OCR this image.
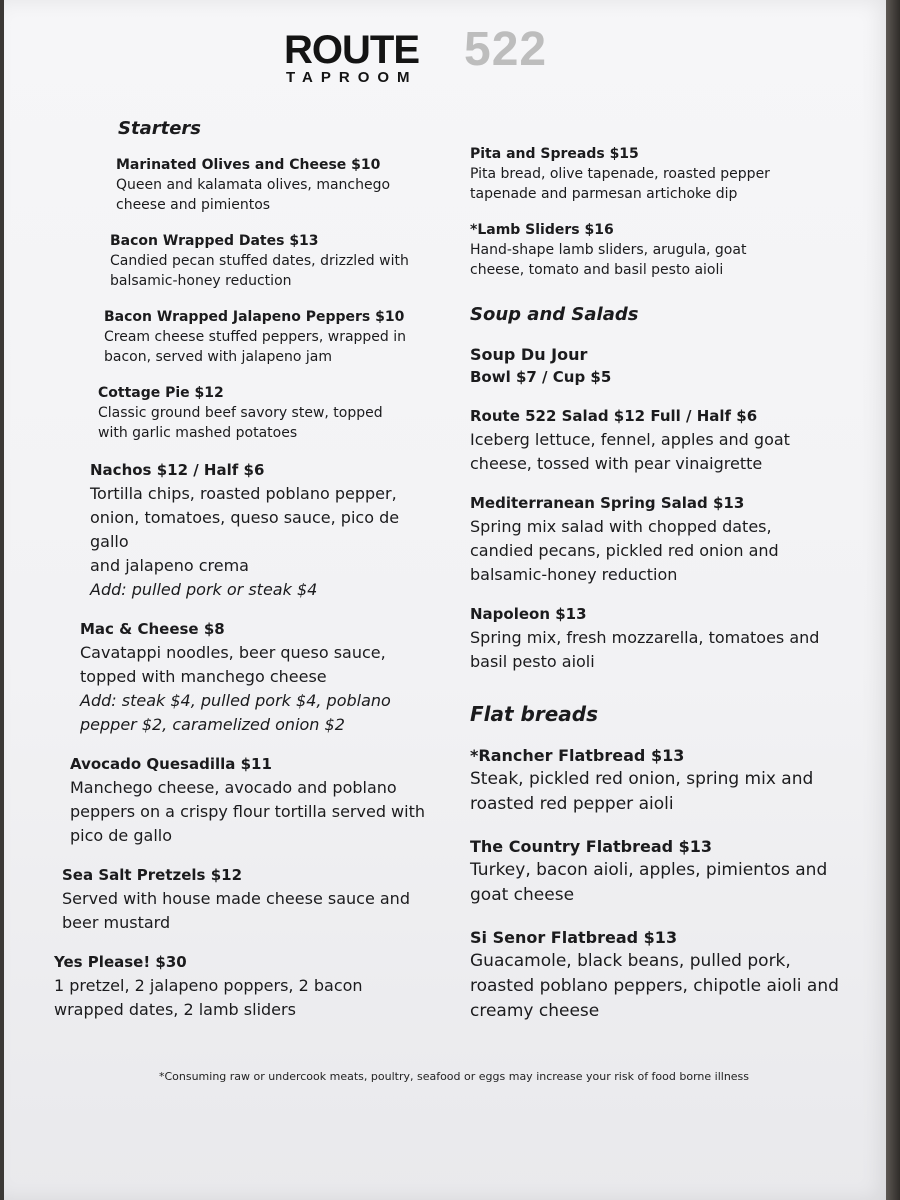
522
ROUTE
TAPROOM
Starters
Marinated Olives and Cheese $10
Queen and kalamata olives, manchego
cheese and pimientos
Bacon Wrapped Dates $13
Candied pecan stuffed dates, drizzled with
balsamic-honey reduction
Bacon Wrapped Jalapeno Peppers $10
Cream cheese stuffed peppers, wrapped in
bacon, served with jalapeno jam
Cottage Pie $12
Classic ground beef savory stew, topped
with garlic mashed potatoes
Nachos $12 / Half $6
Tortilla chips, roasted poblano pepper,
onion, tomatoes, queso sauce, pico de gallo
and jalapeno crema
Add: pulled pork or steak $4
Mac & Cheese $8
Cavatappi noodles, beer queso sauce,
topped with manchego cheese
Add: steak $4, pulled pork $4, poblano
pepper $2, caramelized onion $2
Avocado Quesadilla $11
Manchego cheese, avocado and poblano
peppers on a crispy flour tortilla served with
pico de gallo
Sea Salt Pretzels $12
Served with house made cheese sauce and
beer mustard
Yes Please! $30
1 pretzel, 2 jalapeno poppers, 2 bacon
wrapped dates, 2 lamb sliders
Pita and Spreads $15
Pita bread, olive tapenade, roasted pepper
tapenade and parmesan artichoke dip
*Lamb Sliders $16
Hand-shape lamb sliders, arugula, goat
cheese, tomato and basil pesto aioli
Soup and Salads
Soup Du Jour
Bowl $7 / Cup $5
Route 522 Salad $12 Full / Half $6
Iceberg lettuce, fennel, apples and goat
cheese, tossed with pear vinaigrette
Mediterranean Spring Salad $13
Spring mix salad with chopped dates,
candied pecans, pickled red onion and
balsamic-honey reduction
Napoleon $13
Spring mix, fresh mozzarella, tomatoes and
basil pesto aioli
Flat breads
*Rancher Flatbread $13
Steak, pickled red onion, spring mix and
roasted red pepper aioli
The Country Flatbread $13
Turkey, bacon aioli, apples, pimientos and
goat cheese
Si Senor Flatbread $13
Guacamole, black beans, pulled pork,
roasted poblano peppers, chipotle aioli and
creamy cheese
*Consuming raw or undercook meats, poultry, seafood or eggs may increase your risk of food borne illness
